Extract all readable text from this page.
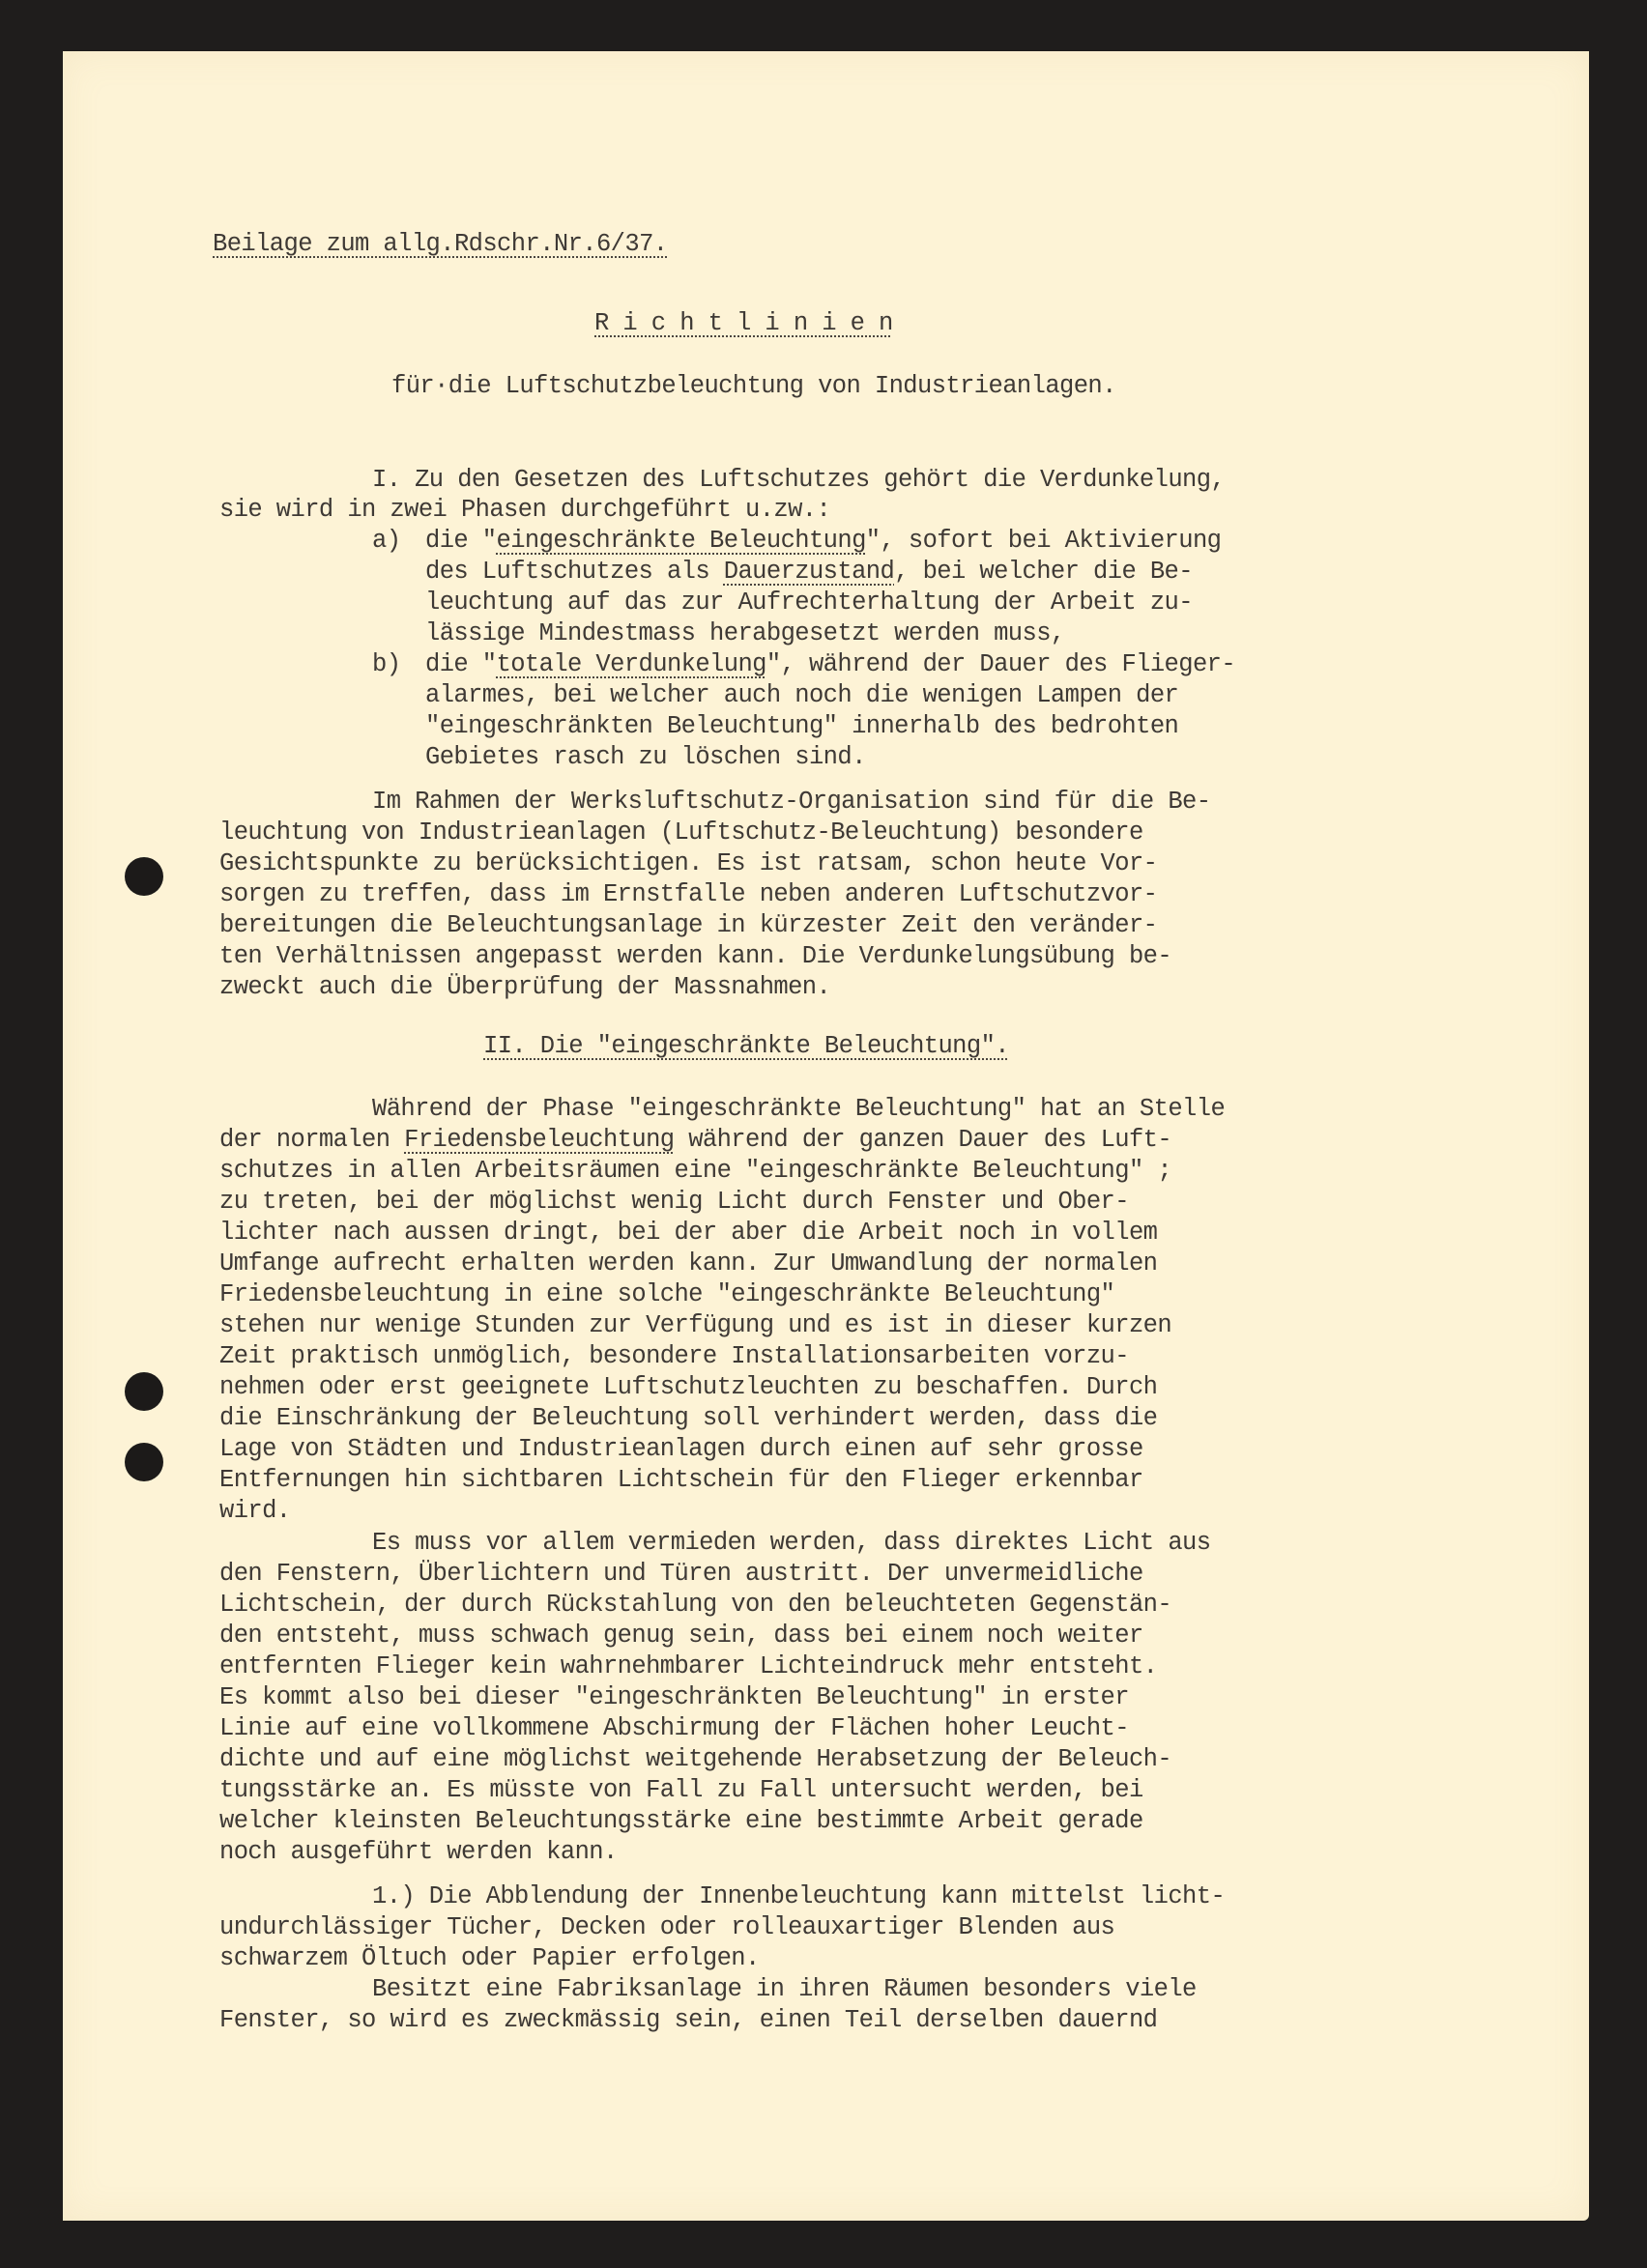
Beilage zum allg.Rdschr.Nr.6/37.
R i c h t l i n i e n
für·die Luftschutzbeleuchtung von Industrieanlagen.
I. Zu den Gesetzen des Luftschutzes gehört die Verdunkelung,
sie wird in zwei Phasen durchgeführt u.zw.:
a) die "eingeschränkte Beleuchtung", sofort bei Aktivierung
des Luftschutzes als Dauerzustand, bei welcher die Be-
leuchtung auf das zur Aufrechterhaltung der Arbeit zu-
lässige Mindestmass herabgesetzt werden muss,
b) die "totale Verdunkelung", während der Dauer des Flieger-
alarmes, bei welcher auch noch die wenigen Lampen der
"eingeschränkten Beleuchtung" innerhalb des bedrohten
Gebietes rasch zu löschen sind.
Im Rahmen der Werksluftschutz-Organisation sind für die Be-
leuchtung von Industrieanlagen (Luftschutz-Beleuchtung) besondere
Gesichtspunkte zu berücksichtigen. Es ist ratsam, schon heute Vor-
sorgen zu treffen, dass im Ernstfalle neben anderen Luftschutzvor-
bereitungen die Beleuchtungsanlage in kürzester Zeit den veränder-
ten Verhältnissen angepasst werden kann. Die Verdunkelungsübung be-
zweckt auch die Überprüfung der Massnahmen.
II. Die "eingeschränkte Beleuchtung".
Während der Phase "eingeschränkte Beleuchtung" hat an Stelle
der normalen Friedensbeleuchtung während der ganzen Dauer des Luft-
schutzes in allen Arbeitsräumen eine "eingeschränkte Beleuchtung" ;
zu treten, bei der möglichst wenig Licht durch Fenster und Ober-
lichter nach aussen dringt, bei der aber die Arbeit noch in vollem
Umfange aufrecht erhalten werden kann. Zur Umwandlung der normalen
Friedensbeleuchtung in eine solche "eingeschränkte Beleuchtung"
stehen nur wenige Stunden zur Verfügung und es ist in dieser kurzen
Zeit praktisch unmöglich, besondere Installationsarbeiten vorzu-
nehmen oder erst geeignete Luftschutzleuchten zu beschaffen. Durch
die Einschränkung der Beleuchtung soll verhindert werden, dass die
Lage von Städten und Industrieanlagen durch einen auf sehr grosse
Entfernungen hin sichtbaren Lichtschein für den Flieger erkennbar
wird.
Es muss vor allem vermieden werden, dass direktes Licht aus
den Fenstern, Überlichtern und Türen austritt. Der unvermeidliche
Lichtschein, der durch Rückstahlung von den beleuchteten Gegenstän-
den entsteht, muss schwach genug sein, dass bei einem noch weiter
entfernten Flieger kein wahrnehmbarer Lichteindruck mehr entsteht.
Es kommt also bei dieser "eingeschränkten Beleuchtung" in erster
Linie auf eine vollkommene Abschirmung der Flächen hoher Leucht-
dichte und auf eine möglichst weitgehende Herabsetzung der Beleuch-
tungsstärke an. Es müsste von Fall zu Fall untersucht werden, bei
welcher kleinsten Beleuchtungsstärke eine bestimmte Arbeit gerade
noch ausgeführt werden kann.
1.) Die Abblendung der Innenbeleuchtung kann mittelst licht-
undurchlässiger Tücher, Decken oder rolleauxartiger Blenden aus
schwarzem Öltuch oder Papier erfolgen.
Besitzt eine Fabriksanlage in ihren Räumen besonders viele
Fenster, so wird es zweckmässig sein, einen Teil derselben dauernd
